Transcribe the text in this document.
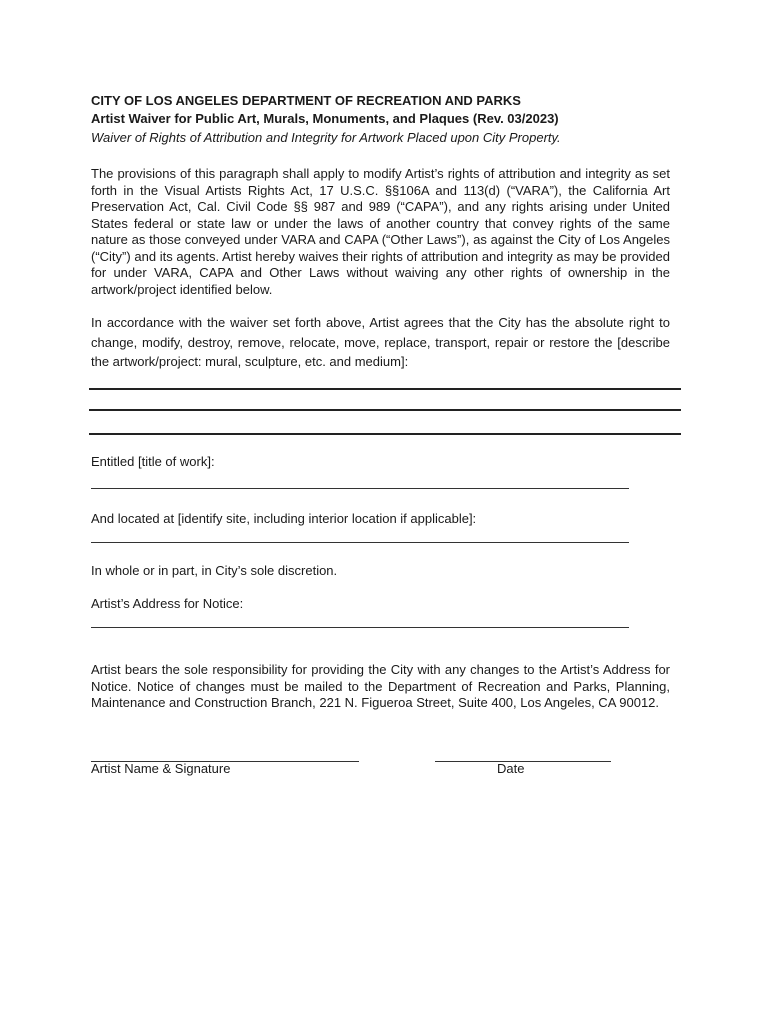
CITY OF LOS ANGELES DEPARTMENT OF RECREATION AND PARKS
Artist Waiver for Public Art, Murals, Monuments, and Plaques (Rev. 03/2023)
Waiver of Rights of Attribution and Integrity for Artwork Placed upon City Property.

The provisions of this paragraph shall apply to modify Artist’s rights of attribution and integrity as set forth in the Visual Artists Rights Act, 17 U.S.C. §§106A and 113(d) (“VARA”), the California Art Preservation Act, Cal. Civil Code §§ 987 and 989 (“CAPA”), and any rights arising under United States federal or state law or under the laws of another country that convey rights of the same nature as those conveyed under VARA and CAPA (“Other Laws”), as against the City of Los Angeles (“City”) and its agents. Artist hereby waives their rights of attribution and integrity as may be provided for under VARA, CAPA and Other Laws without waiving any other rights of ownership in the artwork/project identified below.

In accordance with the waiver set forth above, Artist agrees that the City has the absolute right to change, modify, destroy, remove, relocate, move, replace, transport, repair or restore the [describe the artwork/project: mural, sculpture, etc. and medium]:

Entitled [title of work]:
And located at [identify site, including interior location if applicable]:
In whole or in part, in City’s sole discretion.
Artist’s Address for Notice:

Artist bears the sole responsibility for providing the City with any changes to the Artist’s Address for Notice. Notice of changes must be mailed to the Department of Recreation and Parks, Planning, Maintenance and Construction Branch, 221 N. Figueroa Street, Suite 400, Los Angeles, CA 90012.

Artist Name & Signature	Date
